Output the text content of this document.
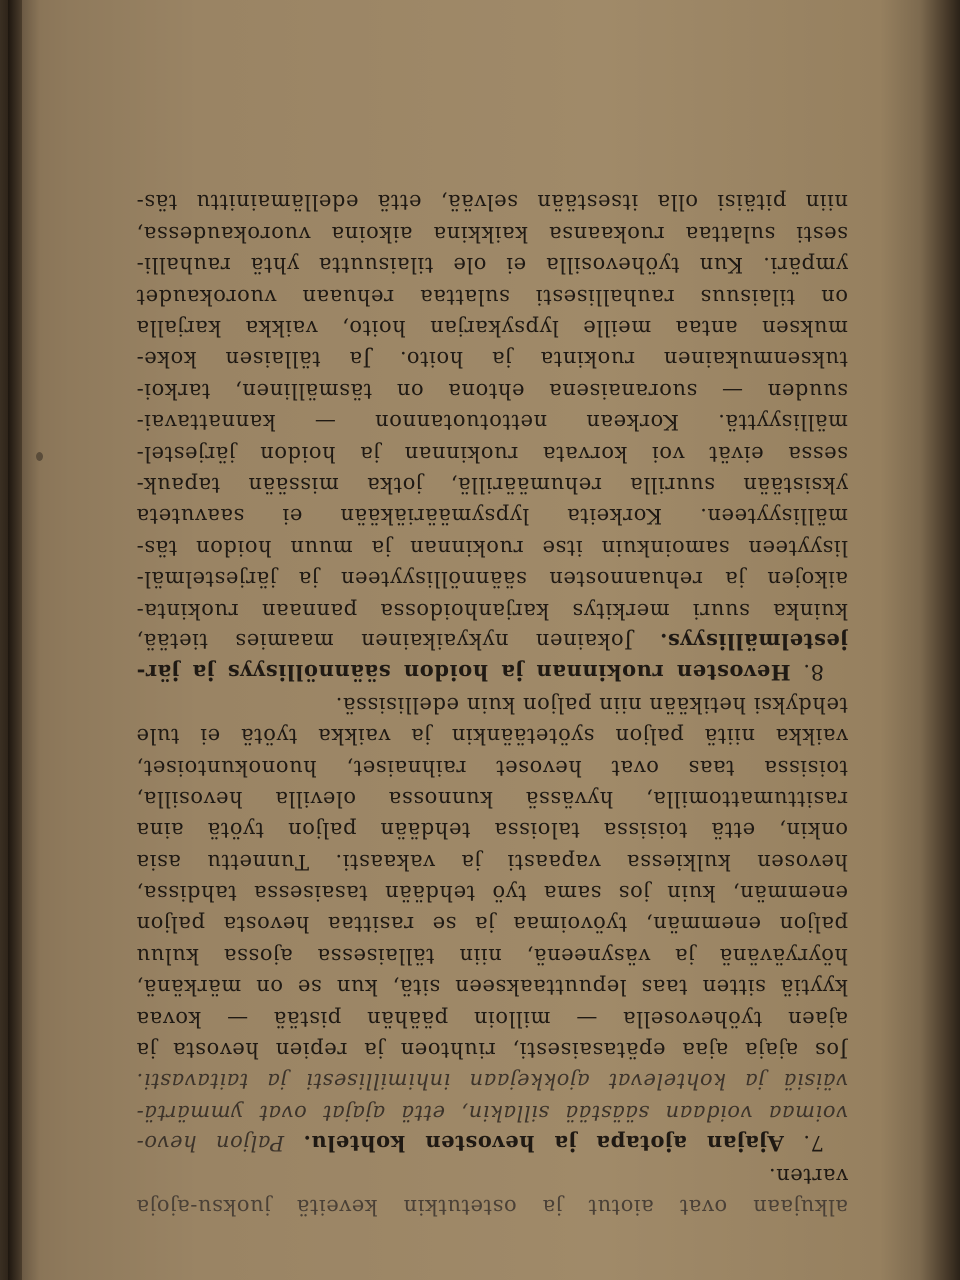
alkujaan ovat aiotut ja ostetutkin keveitä juoksu-ajoja
varten.
7. Ajajan ajotapa ja hevosten kohtelu. Paljon hevo-
voimaa voidaan säästää sillakin, että ajajat ovat ymmärtä-
väisiä ja kohtelevat ajokkejaan inhimillisesti ja taitavasti.
Jos ajaja ajaa epätasaisesti, riuhtoen ja repien hevosta ja
ajaen työhevosella — milloin päähän pistää — kovaa
kyytiä sitten taas lepuuttaakseen sitä, kun se on märkänä,
höyryävänä ja väsyneenä, niin tällaisessa ajossa kuluu
paljon enemmän, työvoimaa ja se rasittaa hevosta paljon
enemmän, kuin jos sama työ tehdään tasaisessa tahdissa,
hevosen kulkiessa vapaasti ja vakaasti. Tunnettu asia
onkin, että toisissa taloissa tehdään paljon työtä aina
rasittumattomilla, hyvässä kunnossa olevilla hevosilla,
toisissa taas ovat hevoset raihnaiset, huonokuntoiset,
vaikka niitä paljon syötetäänkin ja vaikka työtä ei tule
tehdyksi hetikään niin paljon kuin edellisissä.
8. Hevosten ruokinnan ja hoidon säännöllisyys ja jär-
jestelmällisyys. Jokainen nykyaikainen maamies tietää,
kuinka suuri merkitys karjanhoidossa pannaan ruokinta-
aikojen ja rehuannosten säännöllisyyteen ja järjestelmäl-
lisyyteen samoinkuin itse ruokinnan ja muun hoidon täs-
mällisyyteen. Korkeita lypsymääriäkään ei saavuteta
yksistään suurilla rehumäärillä, jotka missään tapauk-
sessa eivät voi korvata ruokinnan ja hoidon järjestel-
mällisyyttä. Korkean nettotuotannon — kannattavai-
suuden — suoranaisena ehtona on täsmällinen, tarkoi-
tuksenmukainen ruokinta ja hoito. Ja tällaisen koke-
muksen antaa meille lypsykarjan hoito, vaikka karjalla
on tilaisuus rauhallisesti sulattaa rehuaan vuorokaudet
ympäri. Kun työhevosilla ei ole tilaisuutta yhtä rauhalli-
sesti sulattaa ruokaansa kaikkina aikoina vuorokaudessa,
niin pitäisi olla itsestään selvää, että edellämainittu täs-
